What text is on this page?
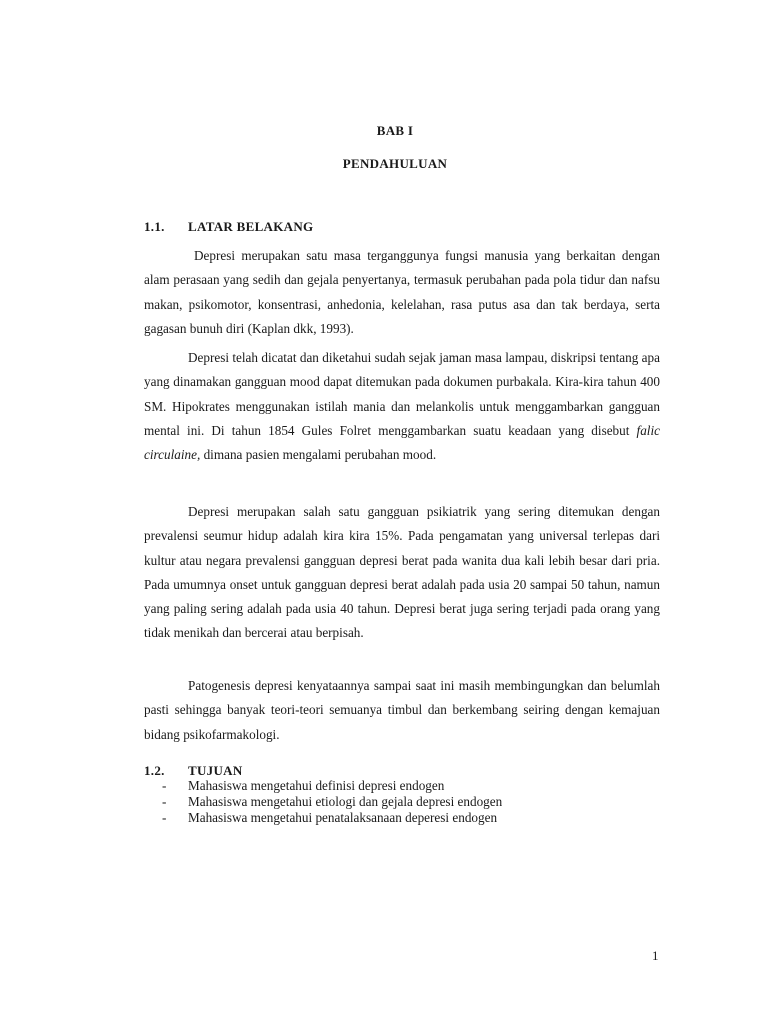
BAB I
PENDAHULUAN
1.1. LATAR BELAKANG

Depresi merupakan satu masa terganggunya fungsi manusia yang berkaitan dengan alam perasaan yang sedih dan gejala penyertanya, termasuk perubahan pada pola tidur dan nafsu makan, psikomotor, konsentrasi, anhedonia, kelelahan, rasa putus asa dan tak berdaya, serta gagasan bunuh diri (Kaplan dkk, 1993).

Depresi telah dicatat dan diketahui sudah sejak jaman masa lampau, diskripsi tentang apa yang dinamakan gangguan mood dapat ditemukan pada dokumen purbakala. Kira-kira tahun 400 SM. Hipokrates menggunakan istilah mania dan melankolis untuk menggambarkan gangguan mental ini. Di tahun 1854 Gules Folret menggambarkan suatu keadaan yang disebut falic circulaine, dimana pasien mengalami perubahan mood.

Depresi merupakan salah satu gangguan psikiatrik yang sering ditemukan dengan prevalensi seumur hidup adalah kira kira 15%. Pada pengamatan yang universal terlepas dari kultur atau negara prevalensi gangguan depresi berat pada wanita dua kali lebih besar dari pria. Pada umumnya onset untuk gangguan depresi berat adalah pada usia 20 sampai 50 tahun, namun yang paling sering adalah pada usia 40 tahun. Depresi berat juga sering terjadi pada orang yang tidak menikah dan bercerai atau berpisah.

Patogenesis depresi kenyataannya sampai saat ini masih membingungkan dan belumlah pasti sehingga banyak teori-teori semuanya timbul dan berkembang seiring dengan kemajuan bidang psikofarmakologi.

1.2. TUJUAN
-	Mahasiswa mengetahui definisi depresi endogen
-	Mahasiswa mengetahui etiologi dan gejala depresi endogen
-	Mahasiswa mengetahui penatalaksanaan deperesi endogen
1
